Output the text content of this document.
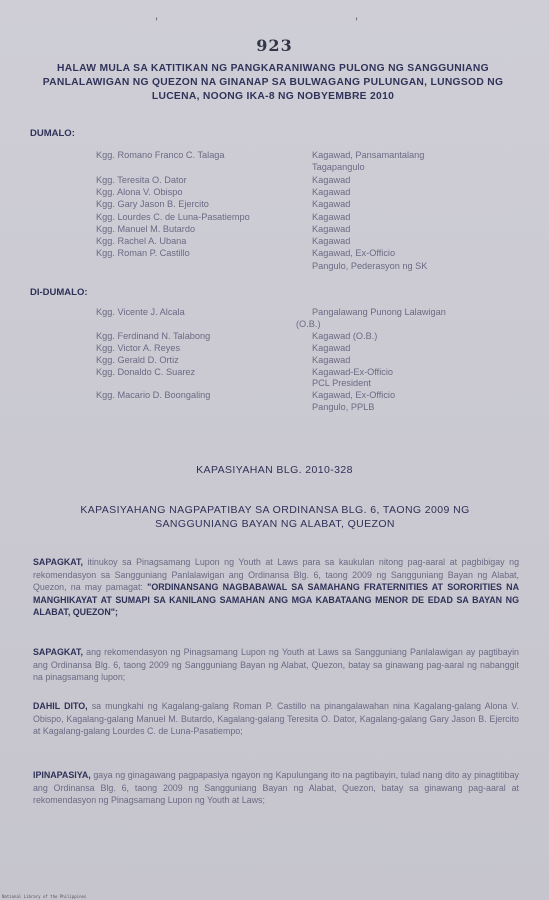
,	,
923
HALAW MULA SA KATITIKAN NG PANGKARANIWANG PULONG NG SANGGUNIANG
PANLALAWIGAN NG QUEZON NA GINANAP SA BULWAGANG PULUNGAN, LUNGSOD NG
LUCENA, NOONG IKA-8 NG NOBYEMBRE 2010
DUMALO:
Kgg. Romano Franco C. Talaga	Kagawad, Pansamantalang
Tagapangulo
Kgg. Teresita O. Dator	Kagawad
Kgg. Alona V. Obispo	Kagawad
Kgg. Gary Jason B. Ejercito	Kagawad
Kgg. Lourdes C. de Luna-Pasatiempo	Kagawad
Kgg. Manuel M. Butardo	Kagawad
Kgg. Rachel A. Ubana	Kagawad
Kgg. Roman P. Castillo	Kagawad, Ex-Officio
Pangulo, Pederasyon ng SK
DI-DUMALO:
Kgg. Vicente J. Alcala	Pangalawang Punong Lalawigan
(O.B.)
Kgg. Ferdinand N. Talabong	Kagawad (O.B.)
Kgg. Victor A. Reyes	Kagawad
Kgg. Gerald D. Ortiz	Kagawad
Kgg. Donaldo C. Suarez	Kagawad-Ex-Officio
PCL President
Kgg. Macario D. Boongaling	Kagawad, Ex-Officio
Pangulo, PPLB
KAPASIYAHAN BLG. 2010-328
KAPASIYAHANG NAGPAPATIBAY SA ORDINANSA BLG. 6, TAONG 2009 NG
SANGGUNIANG BAYAN NG ALABAT, QUEZON
SAPAGKAT, itinukoy sa Pinagsamang Lupon ng Youth at Laws para sa kaukulan nitong pag-aaral at pagbibigay ng rekomendasyon sa Sangguniang Panlalawigan ang Ordinansa Blg. 6, taong 2009 ng Sangguniang Bayan ng Alabat, Quezon, na may pamagat: "ORDINANSANG NAGBABAWAL SA SAMAHANG FRATERNITIES AT SORORITIES NA MANGHIKAYAT AT SUMAPI SA KANILANG SAMAHAN ANG MGA KABATAANG MENOR DE EDAD SA BAYAN NG ALABAT, QUEZON";
SAPAGKAT, ang rekomendasyon ng Pinagsamang Lupon ng Youth at Laws sa Sangguniang Panlalawigan ay pagtibayin ang Ordinansa Blg. 6, taong 2009 ng Sangguniang Bayan ng Alabat, Quezon, batay sa ginawang pag-aaral ng nabanggit na pinagsamang lupon;
DAHIL DITO, sa mungkahi ng Kagalang-galang Roman P. Castillo na pinangalawahan nina Kagalang-galang Alona V. Obispo, Kagalang-galang Manuel M. Butardo, Kagalang-galang Teresita O. Dator, Kagalang-galang Gary Jason B. Ejercito at Kagalang-galang Lourdes C. de Luna-Pasatiempo;
IPINAPASIYA, gaya ng ginagawang pagpapasiya ngayon ng Kapulungang ito na pagtibayin, tulad nang dito ay pinagtitibay ang Ordinansa Blg. 6, taong 2009 ng Sangguniang Bayan ng Alabat, Quezon, batay sa ginawang pag-aaral at rekomendasyon ng Pinagsamang Lupon ng Youth at Laws;
National Library of the Philippines
